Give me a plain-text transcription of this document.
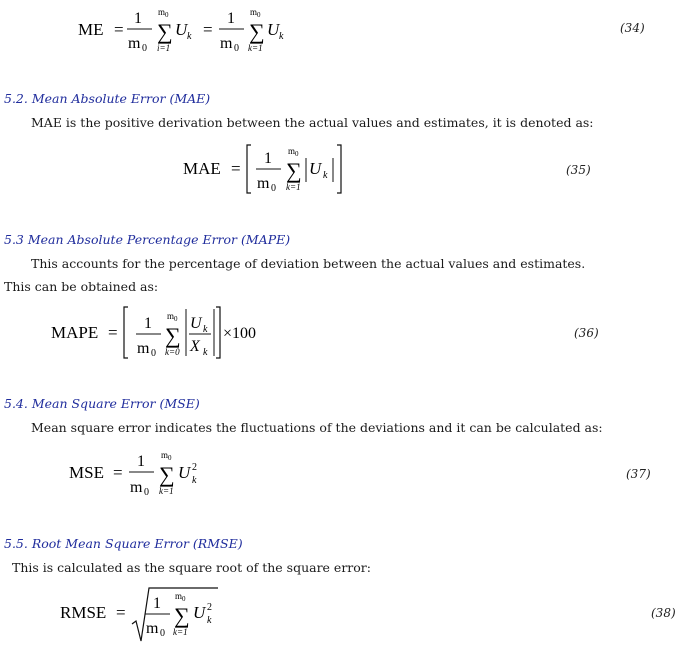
ME =
1
m 0
m 0
∑
i=1
U k =
1
m 0
m 0
∑
k=1
U k
(34)
5.2. Mean Absolute Error (MAE)
MAE is the positive derivation between the actual values and estimates, it is denoted as:
MAE =
1
m 0
m 0
∑
k=1
U k	(35)
5.3 Mean Absolute Percentage Error (MAPE)
This accounts for the percentage of deviation between the actual values and estimates.
This can be obtained as:
MAPE = 1
m 0
m 0
∑
k=0
U k
X k
×100	(36)
5.4. Mean Square Error (MSE)
Mean square error indicates the fluctuations of the deviations and it can be calculated as:
MSE =
1
m 0
m 0
∑
k=1
U 2
k	(37)
5.5. Root Mean Square Error (RMSE)
This is calculated as the square root of the square error:
RMSE = 1
m 0
m 0
∑
k=1
U 2
k
(38)
